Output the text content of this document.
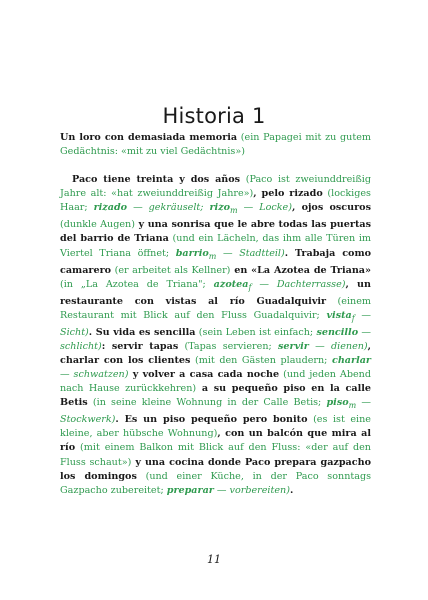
Historia 1

Un loro con demasiada memoria (ein Papagei mit zu gutem Gedächtnis: «mit zu viel Gedächtnis»)

Paco tiene treinta y dos años (Paco ist zweiunddreißig Jahre alt: «hat zweiunddreißig Jahre»), pelo rizado (lockiges Haar; rizado — gekräuselt; rizo$_m$ — Locke), ojos oscuros (dunkle Augen) y una sonrisa que le abre todas las puertas del barrio de Triana (und ein Lächeln, das ihm alle Türen im Viertel Triana öffnet; barrio$_m$ — Stadtteil). Trabaja como camarero (er arbeitet als Kellner) en «La Azotea de Triana» (in „La Azotea de Triana"; azotea$_f$ — Dachterrasse), un restaurante con vistas al río Guadalquivir (einem Restaurant mit Blick auf den Fluss Guadalquivir; vista$_f$ — Sicht). Su vida es sencilla (sein Leben ist einfach; sencillo — schlicht): servir tapas (Tapas servieren; servir — dienen), charlar con los clientes (mit den Gästen plaudern; charlar — schwatzen) y volver a casa cada noche (und jeden Abend nach Hause zurückkehren) a su pequeño piso en la calle Betis (in seine kleine Wohnung in der Calle Betis; piso$_m$ — Stockwerk). Es un piso pequeño pero bonito (es ist eine kleine, aber hübsche Wohnung), con un balcón que mira al río (mit einem Balkon mit Blick auf den Fluss: «der auf den Fluss schaut») y una cocina donde Paco prepara gazpacho los domingos (und einer Küche, in der Paco sonntags Gazpacho zubereitet; preparar — vorbereiten).

11
